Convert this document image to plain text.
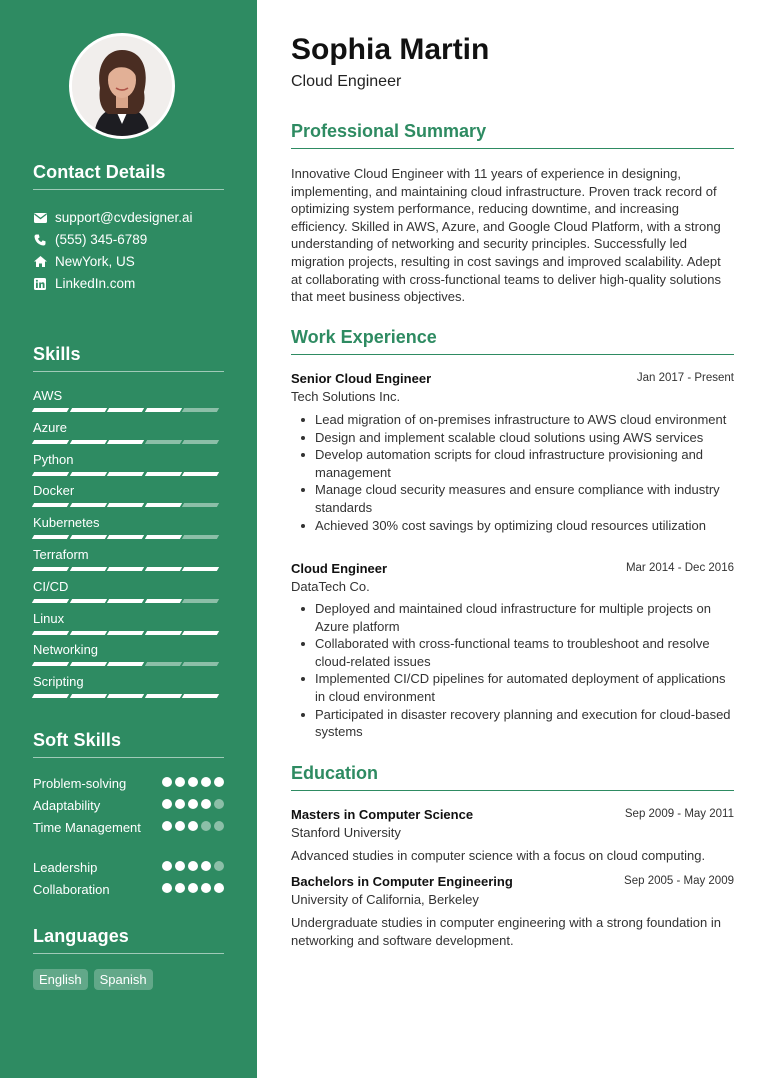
Contact Details
support@cvdesigner.ai
(555) 345-6789
NewYork, US
LinkedIn.com
Skills
AWS
Azure
Python
Docker
Kubernetes
Terraform
CI/CD
Linux
Networking
Scripting
Soft Skills
Problem-solving
Adaptability
Time Management
Leadership
Collaboration
Languages
English	Spanish
Sophia Martin
Cloud Engineer
Professional Summary

Innovative Cloud Engineer with 11 years of experience in designing, implementing, and maintaining cloud infrastructure. Proven track record of optimizing system performance, reducing downtime, and increasing efficiency. Skilled in AWS, Azure, and Google Cloud Platform, with a strong understanding of networking and security principles. Successfully led migration projects, resulting in cost savings and improved scalability. Adept at collaborating with cross-functional teams to deliver high-quality solutions that meet business objectives.

Work Experience
Senior Cloud Engineer	Jan 2017 - Present
Tech Solutions Inc.
Lead migration of on-premises infrastructure to AWS cloud environment
Design and implement scalable cloud solutions using AWS services
Develop automation scripts for cloud infrastructure provisioning and management
Manage cloud security measures and ensure compliance with industry standards
Achieved 30% cost savings by optimizing cloud resources utilization
Cloud Engineer	Mar 2014 - Dec 2016
DataTech Co.
Deployed and maintained cloud infrastructure for multiple projects on Azure platform
Collaborated with cross-functional teams to troubleshoot and resolve cloud-related issues
Implemented CI/CD pipelines for automated deployment of applications in cloud environment
Participated in disaster recovery planning and execution for cloud-based systems
Education
Masters in Computer Science	Sep 2009 - May 2011
Stanford University

Advanced studies in computer science with a focus on cloud computing.

Bachelors in Computer Engineering	Sep 2005 - May 2009
University of California, Berkeley

Undergraduate studies in computer engineering with a strong foundation in networking and software development.
